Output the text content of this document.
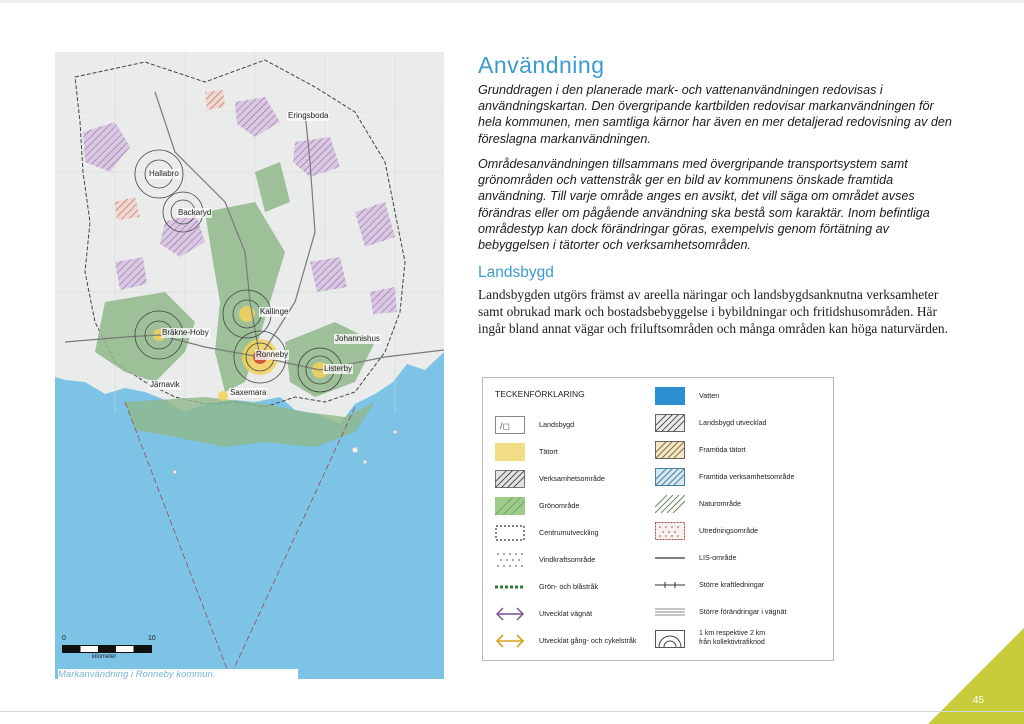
Eringsboda
Hallabro
Backaryd
Kallinge
Bräkne-Hoby
Johannishus
Ronneby
Listerby
Järnavik
Saxemara
0	10
kilometer
Markanvändning i Ronneby kommun.
Användning
Grunddragen i den planerade mark- och vattenanvändningen redovisas i användningskartan. Den övergripande kartbilden redovisar markanvändningen för hela kommunen, men samtliga kärnor har även en mer detaljerad redovisning av den föreslagna markanvändningen.
Områdesanvändningen tillsammans med övergripande transportsystem samt grönområden och vattenstråk ger en bild av kommunens önskade framtida användning. Till varje område anges en avsikt, det vill säga om området avses förändras eller om pågående användning ska bestå som karaktär. Inom befintliga områdestyp kan dock förändringar göras, exempelvis genom förtätning av bebyggelsen i tätorter och verksamhetsområden.
Landsbygd
Landsbygden utgörs främst av areella näringar och landsbygdsanknutna verksamheter samt obrukad mark och bostadsbebyggelse i bybildningar och fritidshusområden. Här ingår bland annat vägar och friluftsområden och många områden kan höga naturvärden.
TECKENFÖRKLARING
/◻	Landsbygd
Tätort
Verksamhetsområde
Grönområde
Centrumutveckling
Vindkraftsområde
Grön- och blåstråk
Utvecklat vägnät
Utvecklat gång- och cykelstråk
Vatten
Landsbygd utvecklad
Framtida tätort
Framtida verksamhetsområde
Naturområde
Utredningsområde
LIS-område
Större kraftledningar
Större förändringar i vägnät
1 km respektive 2 km
från kollektivtrafiknod
45
